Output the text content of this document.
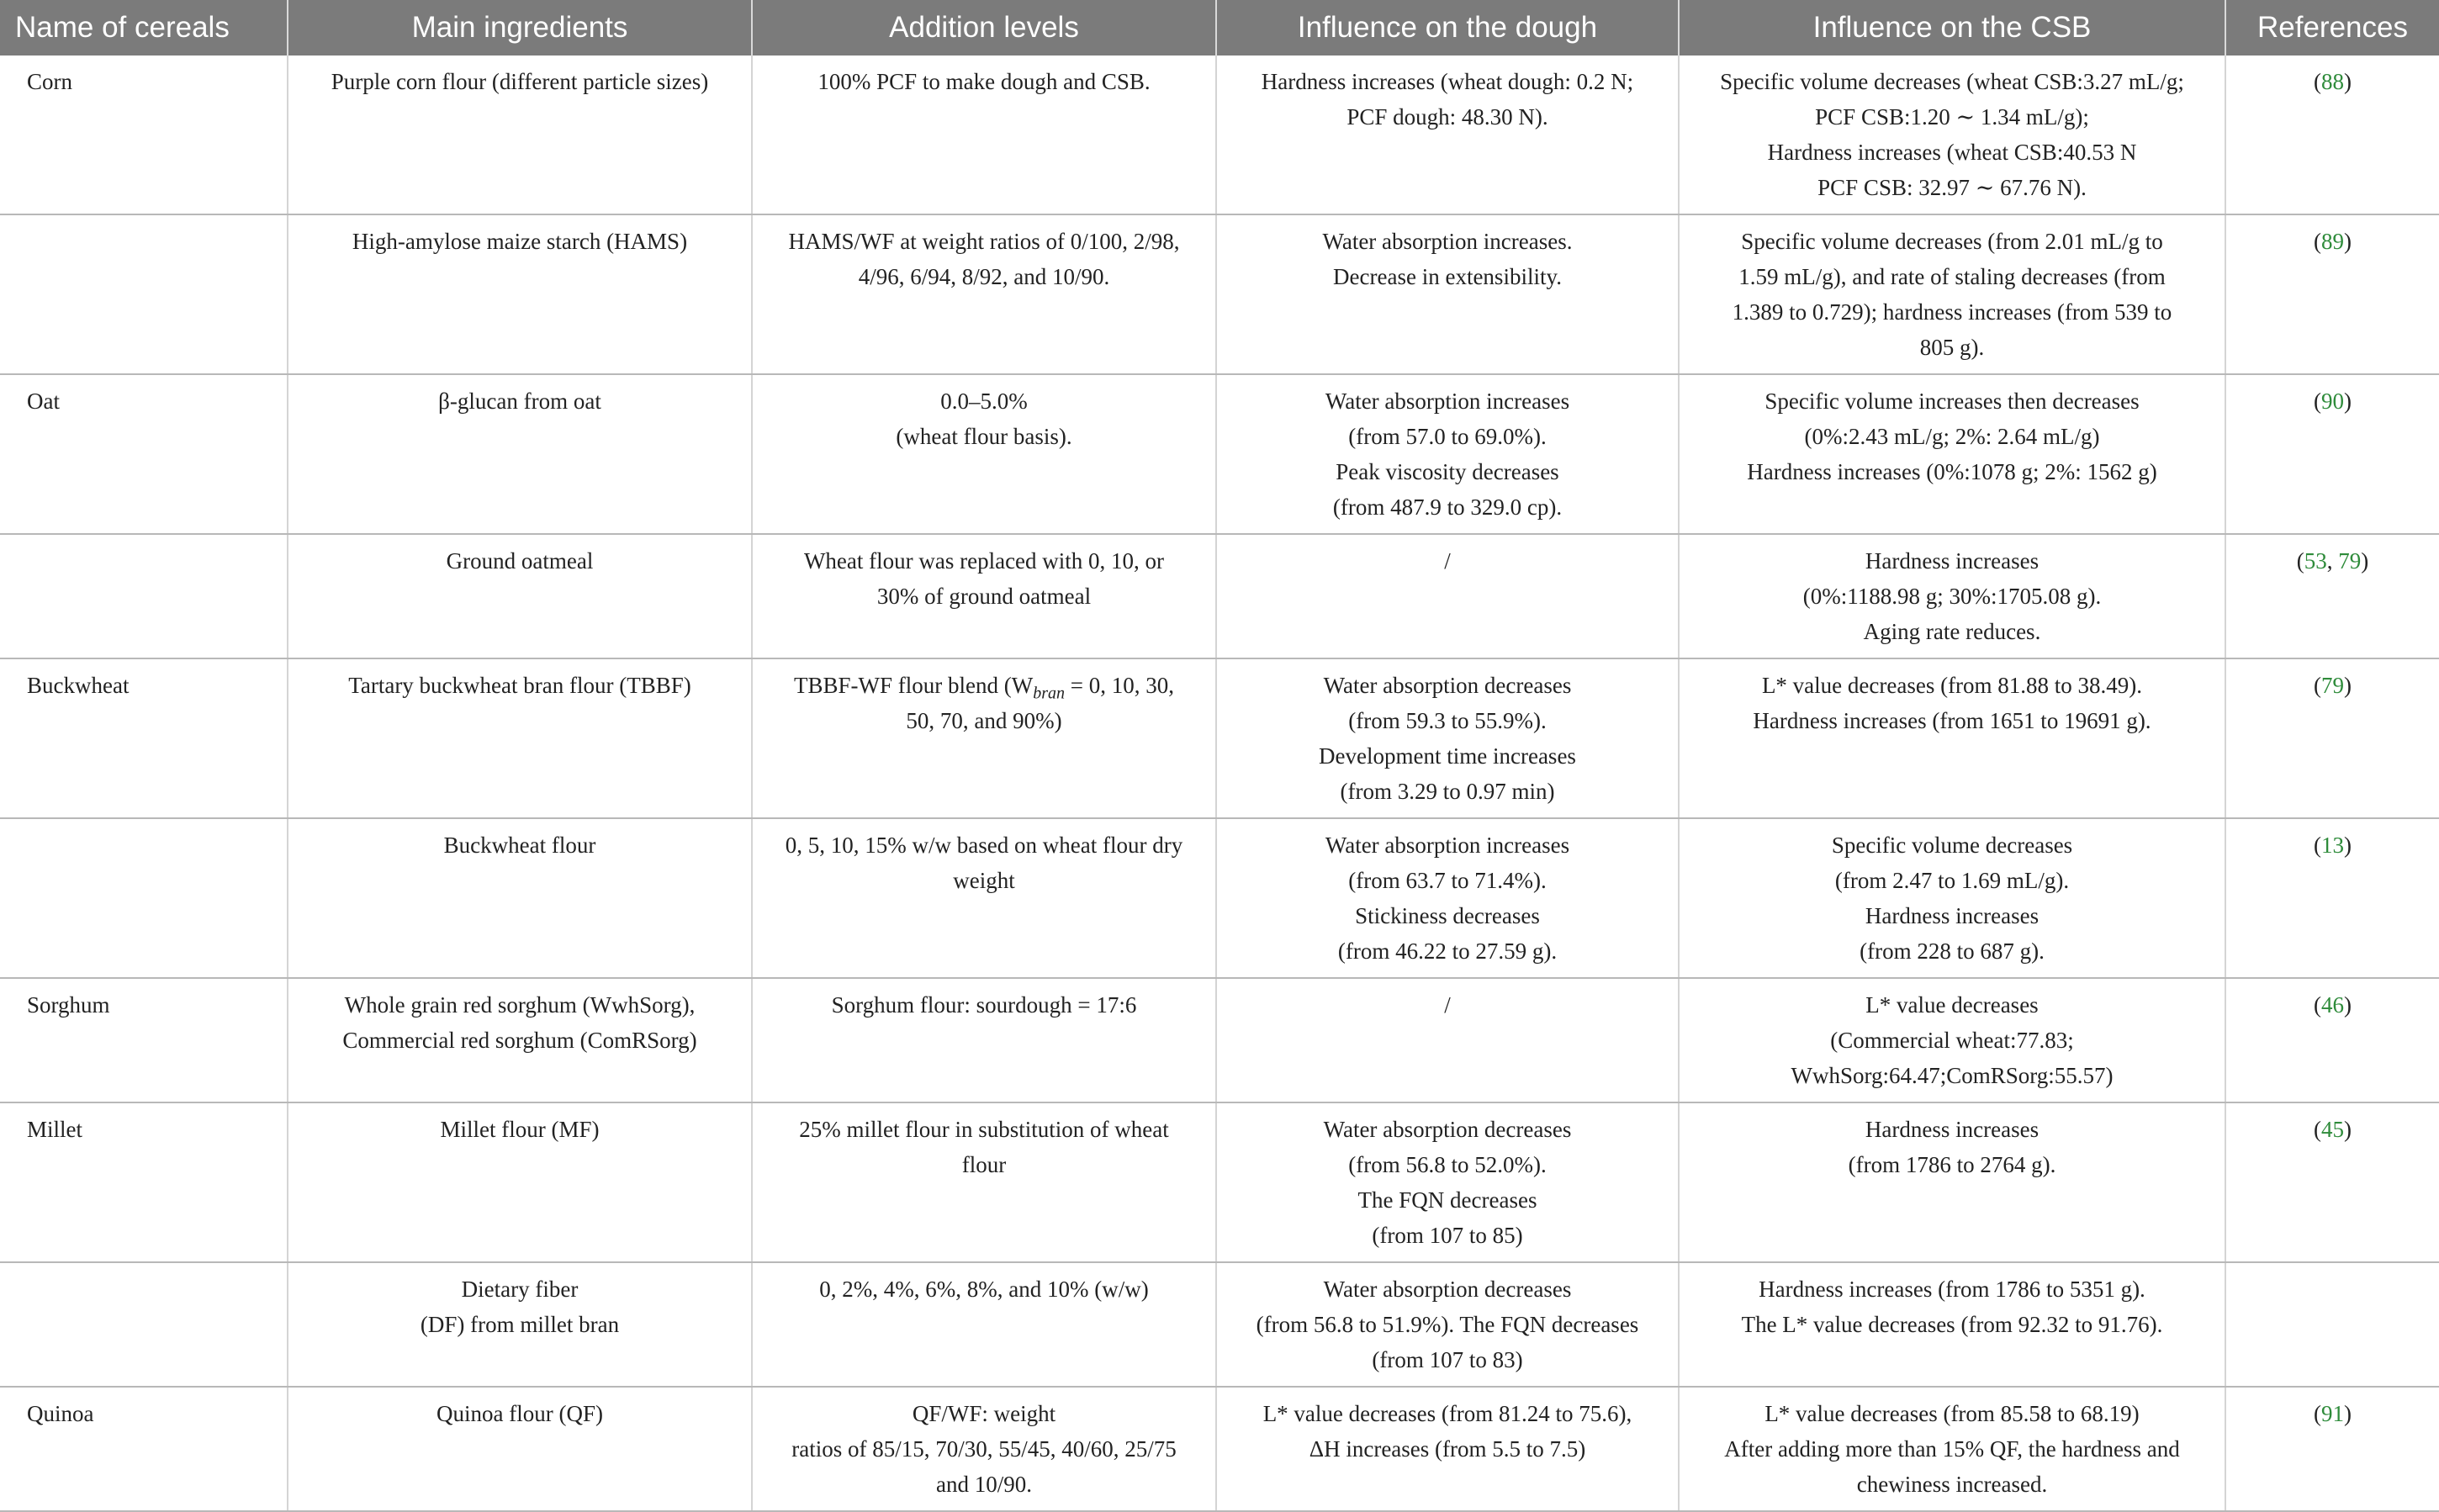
Name of cereals	Main ingredients	Addition levels	Influence on the dough	Influence on the CSB	References
Corn	Purple corn flour (different particle sizes)	100% PCF to make dough and CSB.	Hardness increases (wheat dough: 0.2 N;
PCF dough: 48.30 N).	Specific volume decreases (wheat CSB:3.27 mL/g;
PCF CSB:1.20 ∼ 1.34 mL/g);
Hardness increases (wheat CSB:40.53 N
PCF CSB: 32.97 ∼ 67.76 N).	(88)

	High-amylose maize starch (HAMS)	HAMS/WF at weight ratios of 0/100, 2/98,
4/96, 6/94, 8/92, and 10/90.	Water absorption increases.
Decrease in extensibility.	Specific volume decreases (from 2.01 mL/g to
1.59 mL/g), and rate of staling decreases (from
1.389 to 0.729); hardness increases (from 539 to
805 g).	(89)
Oat	β-glucan from oat	0.0–5.0%
(wheat flour basis).	Water absorption increases
(from 57.0 to 69.0%).
Peak viscosity decreases
(from 487.9 to 329.0 cp).	Specific volume increases then decreases
(0%:2.43 mL/g; 2%: 2.64 mL/g)
Hardness increases (0%:1078 g; 2%: 1562 g)	(90)

	Ground oatmeal	Wheat flour was replaced with 0, 10, or
30% of ground oatmeal	/	Hardness increases
(0%:1188.98 g; 30%:1705.08 g).
Aging rate reduces.	(53, 79)
Buckwheat	Tartary buckwheat bran flour (TBBF)	TBBF-WF flour blend ($W_{bran} = 0$, 10, 30,
50, 70, and 90%)	Water absorption decreases
(from 59.3 to 55.9%).
Development time increases
(from 3.29 to 0.97 min)	L* value decreases (from 81.88 to 38.49).
Hardness increases (from 1651 to 19691 g).	(79)

	Buckwheat flour	0, 5, 10, 15% w/w based on wheat flour dry
weight	Water absorption increases
(from 63.7 to 71.4%).
Stickiness decreases
(from 46.22 to 27.59 g).	Specific volume decreases
(from 2.47 to 1.69 mL/g).
Hardness increases
(from 228 to 687 g).	(13)
Sorghum	Whole grain red sorghum (WwhSorg),
Commercial red sorghum (ComRSorg)	Sorghum flour: sourdough = 17:6	/	L* value decreases
(Commercial wheat:77.83;
WwhSorg:64.47;ComRSorg:55.57)	(46)
Millet	Millet flour (MF)	25% millet flour in substitution of wheat
flour	Water absorption decreases
(from 56.8 to 52.0%).
The FQN decreases
(from 107 to 85)	Hardness increases
(from 1786 to 2764 g).	(45)

	Dietary fiber
(DF) from millet bran	0, 2%, 4%, 6%, 8%, and 10% (w/w)	Water absorption decreases
(from 56.8 to 51.9%). The FQN decreases
(from 107 to 83)	Hardness increases (from 1786 to 5351 g).
The L* value decreases (from 92.32 to 91.76).	

Quinoa	Quinoa flour (QF)	QF/WF: weight
ratios of 85/15, 70/30, 55/45, 40/60, 25/75
and 10/90.	L* value decreases (from 81.24 to 75.6),
ΔH increases (from 5.5 to 7.5)	L* value decreases (from 85.58 to 68.19)
After adding more than 15% QF, the hardness and
chewiness increased.	(91)
